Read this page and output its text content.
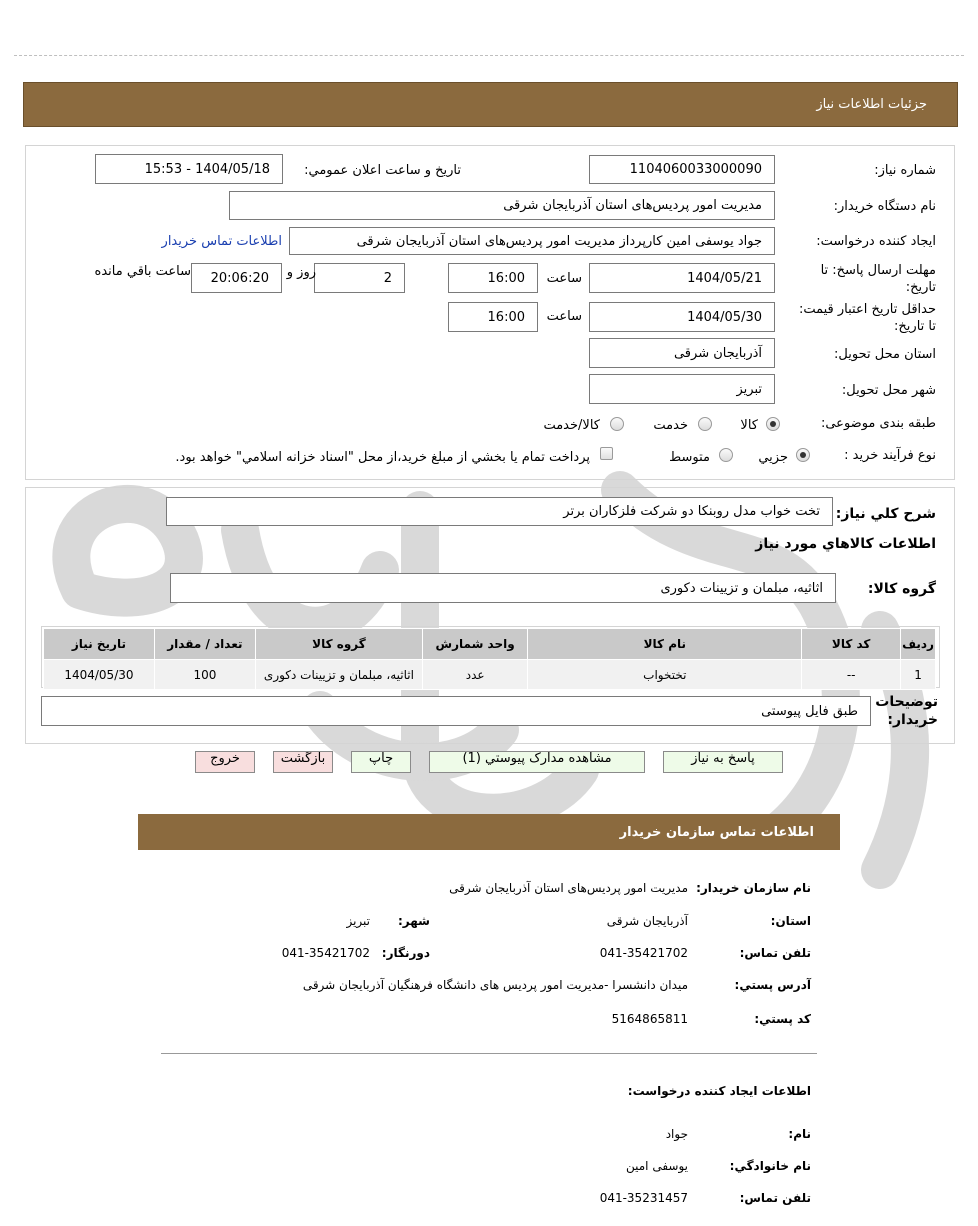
جزئيات اطلاعات نياز
شماره نياز:
1104060033000090
تاريخ و ساعت اعلان عمومي:
1404/05/18 - 15:53
نام دستگاه خريدار:
مدیریت امور پردیس‌های استان آذربایجان شرقی
ايجاد کننده درخواست:
جواد یوسفی امین کارپرداز مدیریت امور پردیس‌های استان آذربایجان شرقی
اطلاعات تماس خريدار
مهلت ارسال پاسخ: تا
تاريخ:
1404/05/21
ساعت
16:00
2
روز و
20:06:20
ساعت باقي مانده
حداقل تاريخ اعتبار قيمت:
تا تاريخ:
1404/05/30
ساعت
16:00
استان محل تحويل:
آذربایجان شرقی
شهر محل تحويل:
تبریز
طبقه بندی موضوعی:
کالا
خدمت
کالا/خدمت
نوع فرآيند خريد :
جزيي
متوسط
پرداخت تمام يا بخشي از مبلغ خريد،از محل "اسناد خزانه اسلامي" خواهد بود.
شرح کلي نياز:
تخت خواب مدل روبنکا دو شرکت فلزکاران برتر
اطلاعات کالاهاي مورد نياز
گروه کالا:
اثاثیه، مبلمان و تزیینات دکوری
رديف	کد کالا	نام کالا	واحد شمارش	گروه کالا	تعداد / مقدار	تاريخ نياز
1	--	تختخواب	عدد	اثاثیه، مبلمان و تزیینات دکوری	100	1404/05/30
توضيحات
خريدار:
طبق فایل پیوستی
پاسخ به نياز
مشاهده مدارک پيوستي (1)
چاپ
بازگشت
خروج
اطلاعات تماس سازمان خريدار
نام سازمان خريدار:
مدیریت امور پردیس‌های استان آذربایجان شرقی
استان:
آذربایجان شرقی
شهر:
تبریز
تلفن تماس:
041-35421702
دورنگار:
041-35421702
آدرس پستي:
میدان دانشسرا -مدیریت امور پردیس های دانشگاه فرهنگیان آذربایجان شرقی
کد پستي:
5164865811
اطلاعات ايجاد کننده درخواست:
نام:
جواد
نام خانوادگي:
یوسفی امین
تلفن تماس:
041-35231457
